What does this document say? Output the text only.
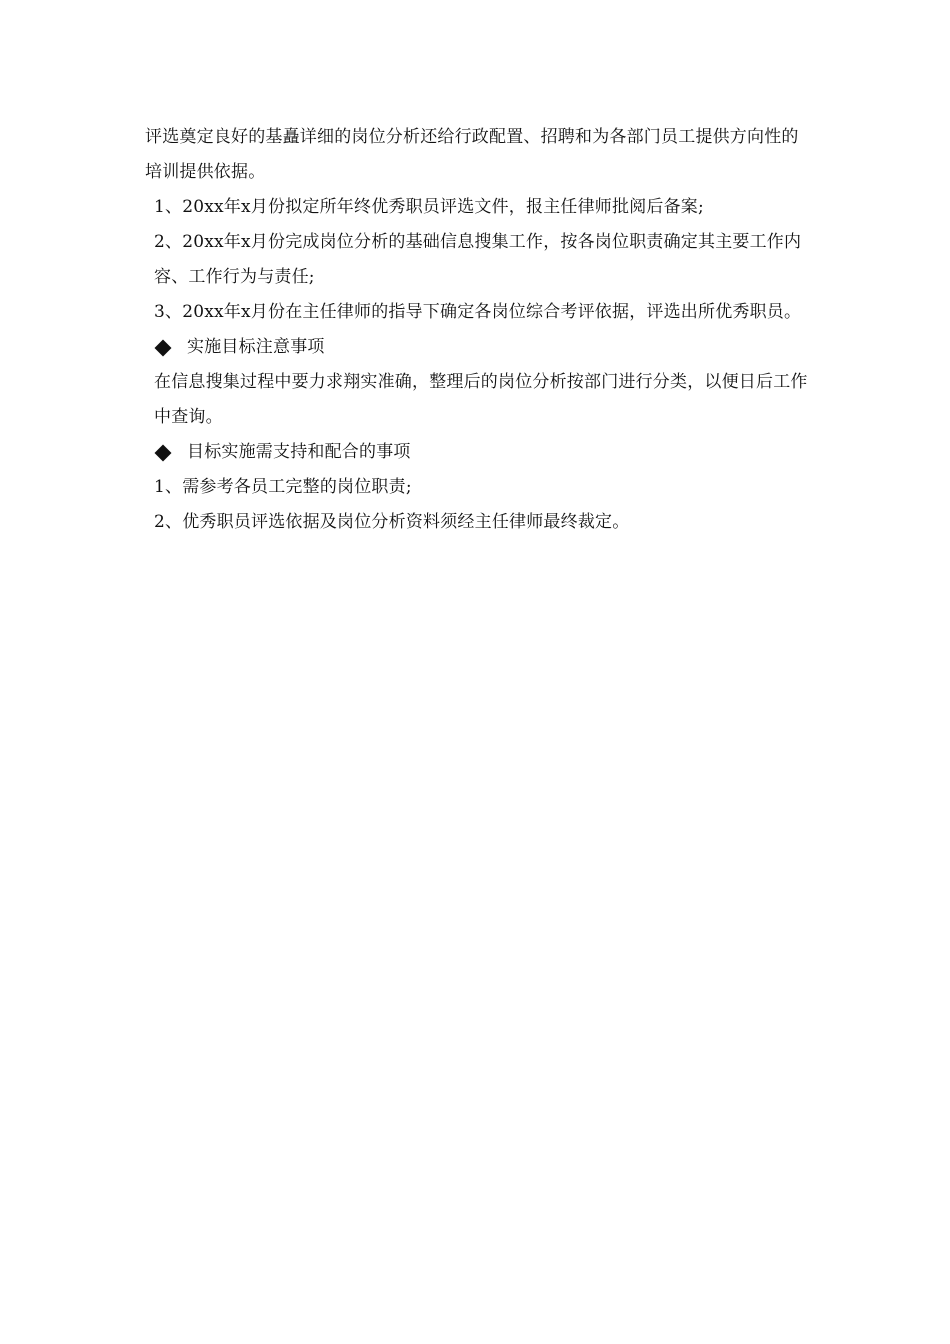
评选奠定良好的基矗详细的岗位分析还给行政配置、招聘和为各部门员工提供方向性的培训提供依据。

1、20xx年x月份拟定所年终优秀职员评选文件，报主任律师批阅后备案;

2、20xx年x月份完成岗位分析的基础信息搜集工作，按各岗位职责确定其主要工作内容、工作行为与责任;

3、20xx年x月份在主任律师的指导下确定各岗位综合考评依据，评选出所优秀职员。

实施目标注意事项

在信息搜集过程中要力求翔实准确，整理后的岗位分析按部门进行分类，以便日后工作中查询。

目标实施需支持和配合的事项

1、需参考各员工完整的岗位职责;

2、优秀职员评选依据及岗位分析资料须经主任律师最终裁定。
